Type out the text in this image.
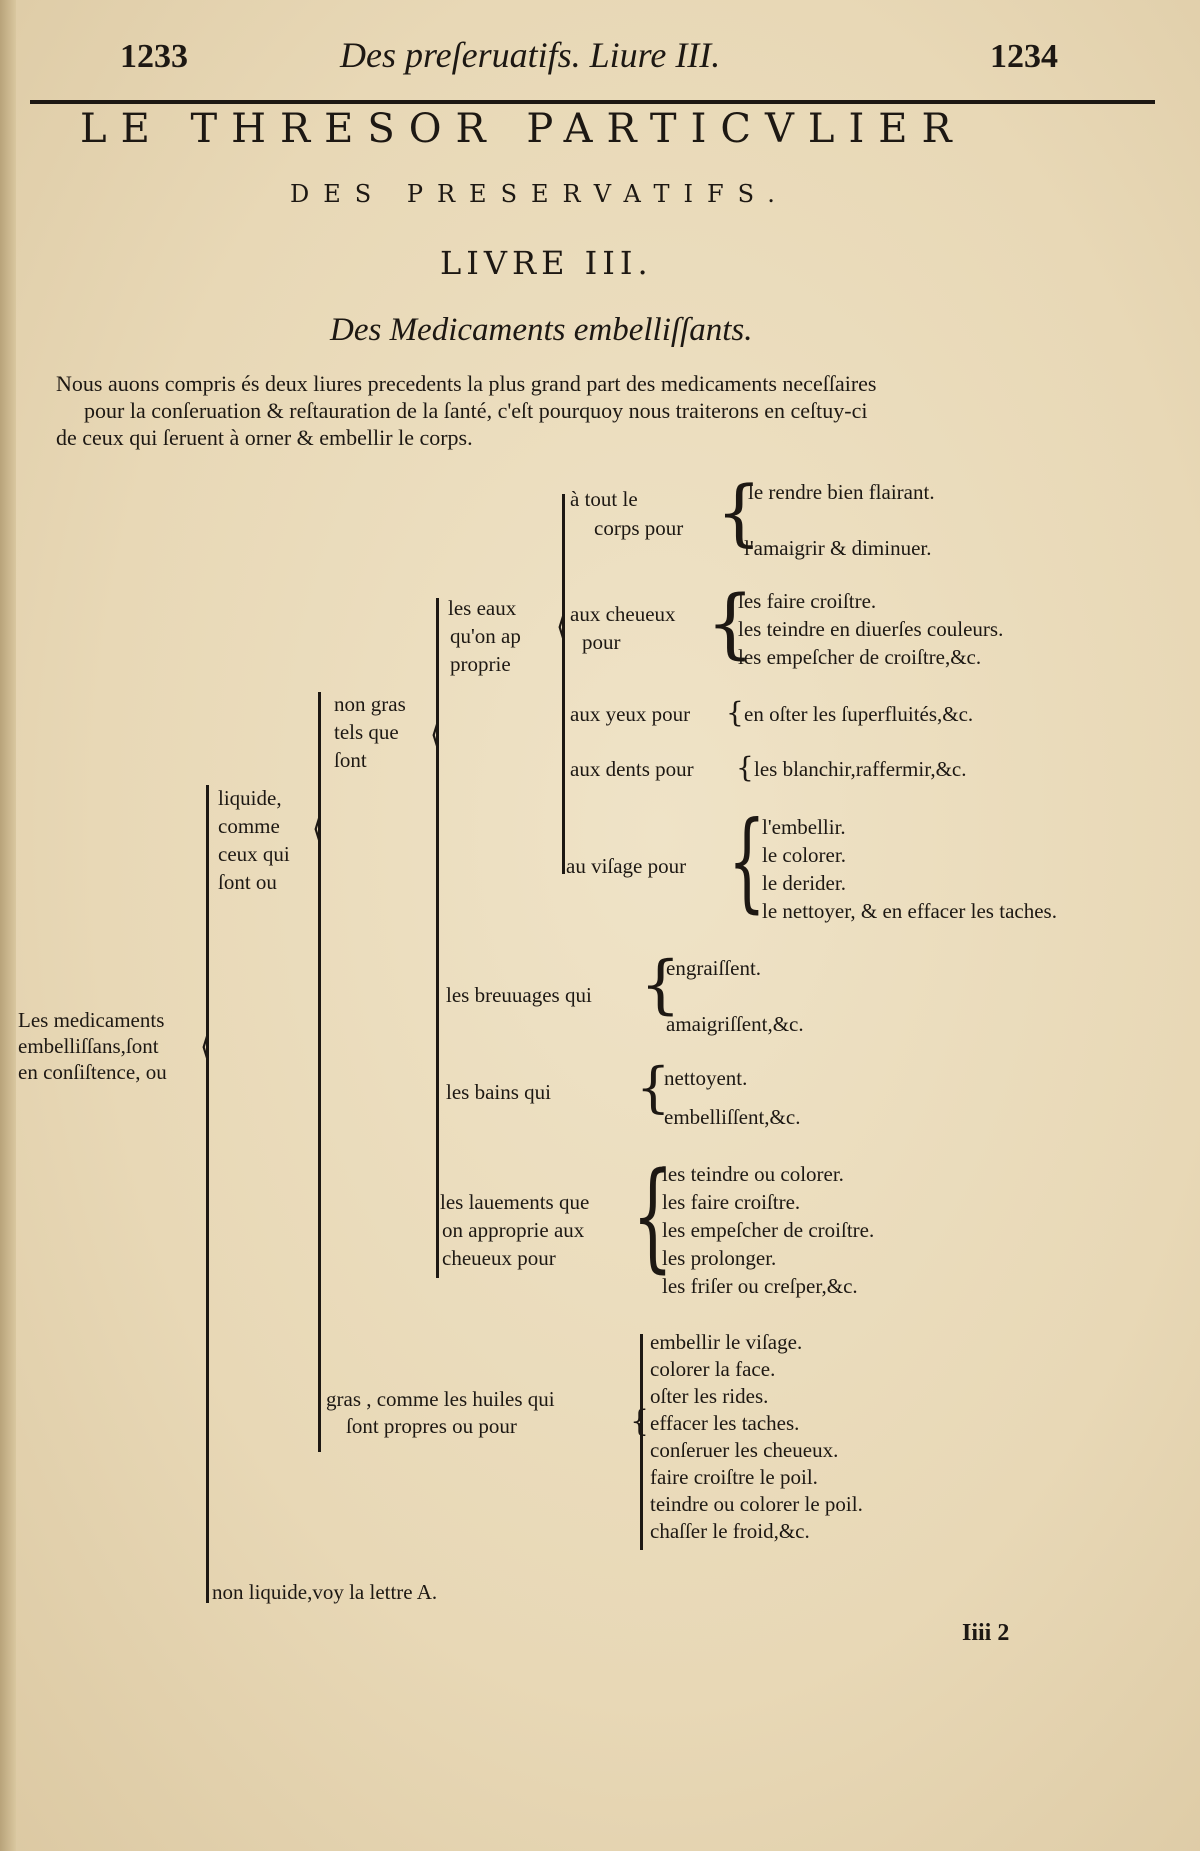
1233	Des preſeruatifs. Liure III.	1234
LE THRESOR PARTICVLIER
DES PRESERVATIFS.
LIVRE III.
Des Medicaments embelliſſants.
Nous auons compris és deux liures precedents la plus grand part des medicaments neceſſaires
pour la conſeruation & reſtauration de la ſanté, c'eſt pourquoy nous traiterons en ceſtuy-ci
de ceux qui ſeruent à orner & embellir le corps.
Les medicaments
embelliſſans,ſont
en conſiſtence, ou
⟨
liquide,
comme
ceux qui
ſont ou
non liquide,voy la lettre A.
⟨
non gras
tels que
ſont
gras , comme les huiles qui
ſont propres ou pour
⟨
les eaux
qu'on ap
proprie
les breuuages qui {
engraiſſent.
amaigriſſent,&c.
les bains qui {
nettoyent.
embelliſſent,&c.
les lauements que
on approprie aux
cheueux pour {
les teindre ou colorer.
les faire croiſtre.
les empeſcher de croiſtre.
les prolonger.
les friſer ou creſper,&c.
{
embellir le viſage.
colorer la face.
oſter les rides.
effacer les taches.
conſeruer les cheueux.
faire croiſtre le poil.
teindre ou colorer le poil.
chaſſer le froid,&c.
⟨
à tout le
corps pour {
le rendre bien flairant.
l'amaigrir & diminuer.
aux cheueux
pour {
les faire croiſtre.
les teindre en diuerſes couleurs.
les empeſcher de croiſtre,&c.
aux yeux pour { en oſter les ſuperfluités,&c.
aux dents pour { les blanchir,raffermir,&c.
au viſage pour {
l'embellir.
le colorer.
le derider.
le nettoyer, & en effacer les taches.
Iiii 2
